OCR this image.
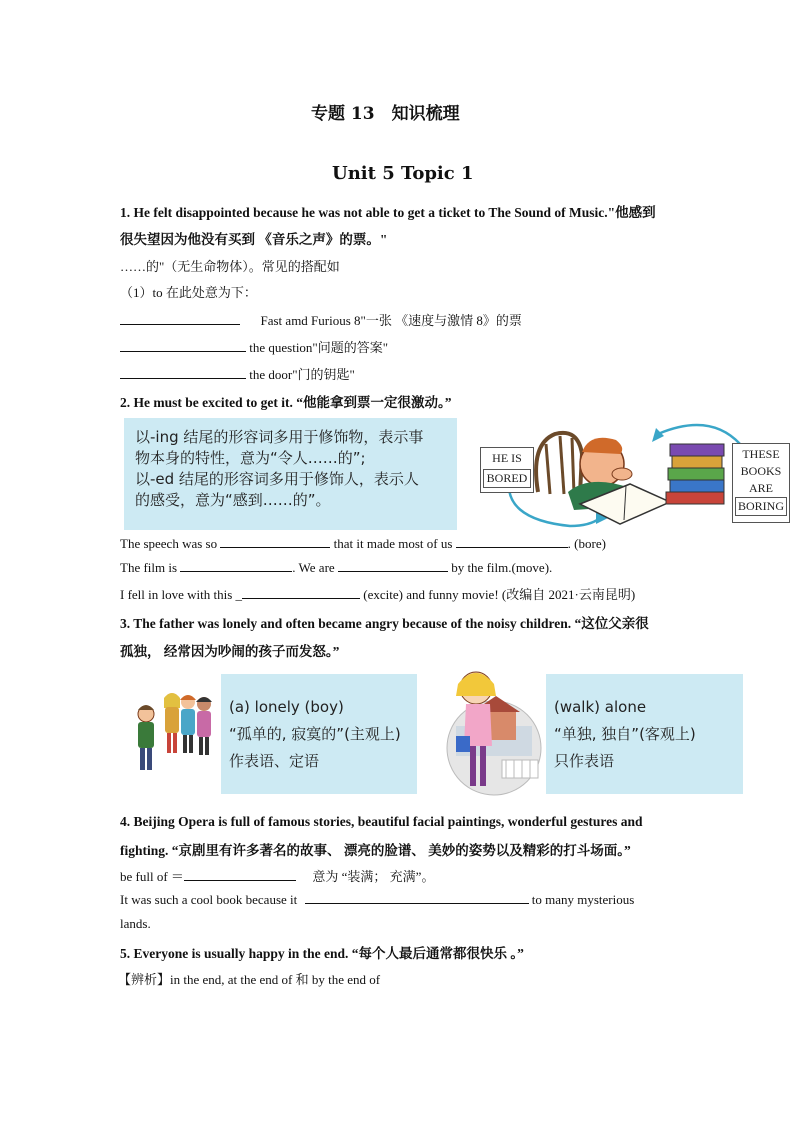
专题 13　知识梳理
Unit 5 Topic 1
1. He felt disappointed because he was not able to get a ticket to The Sound of Music."他感到
很失望因为他没有买到 《音乐之声》的票。"
……的"（无生命物体）。常见的搭配如
（1）to 在此处意为下：
Fast amd Furious 8"一张 《速度与激情 8》的票
the question"问题的答案"
the door"门的钥匙"
2. He must be excited to get it. “他能拿到票一定很激动。”
以-ing 结尾的形容词多用于修饰物，表示事
物本身的特性，意为“令人……的”;
以-ed 结尾的形容词多用于修饰人，表示人
的感受，意为“感到……的”。
HE IS
BORED
THESE
BOOKS
ARE
BORING
The speech was so	that it made most of us	. (bore)
The film is	. We are	by the film.(move).
I fell in love with this _	(excite) and funny movie! (改编自 2021·云南昆明)
3. The father was lonely and often became angry because of the noisy children. “这位父亲很
孤独， 经常因为吵闹的孩子而发怒。”
(a) lonely (boy)
“孤单的, 寂寞的”(主观上)
作表语、定语
(walk) alone
“单独, 独自”(客观上)
只作表语
4. Beijing Opera is full of famous stories, beautiful facial paintings, wonderful gestures and
fighting. “京剧里有许多著名的故事、 漂亮的脸谱、 美妙的姿势以及精彩的打斗场面。”
be full of ＝	意为 “装满； 充满”。
It was such a cool book because it	to many mysterious
lands.
5. Everyone is usually happy in the end. “每个人最后通常都很快乐 。”
【辨析】in the end, at the end of 和 by the end of
